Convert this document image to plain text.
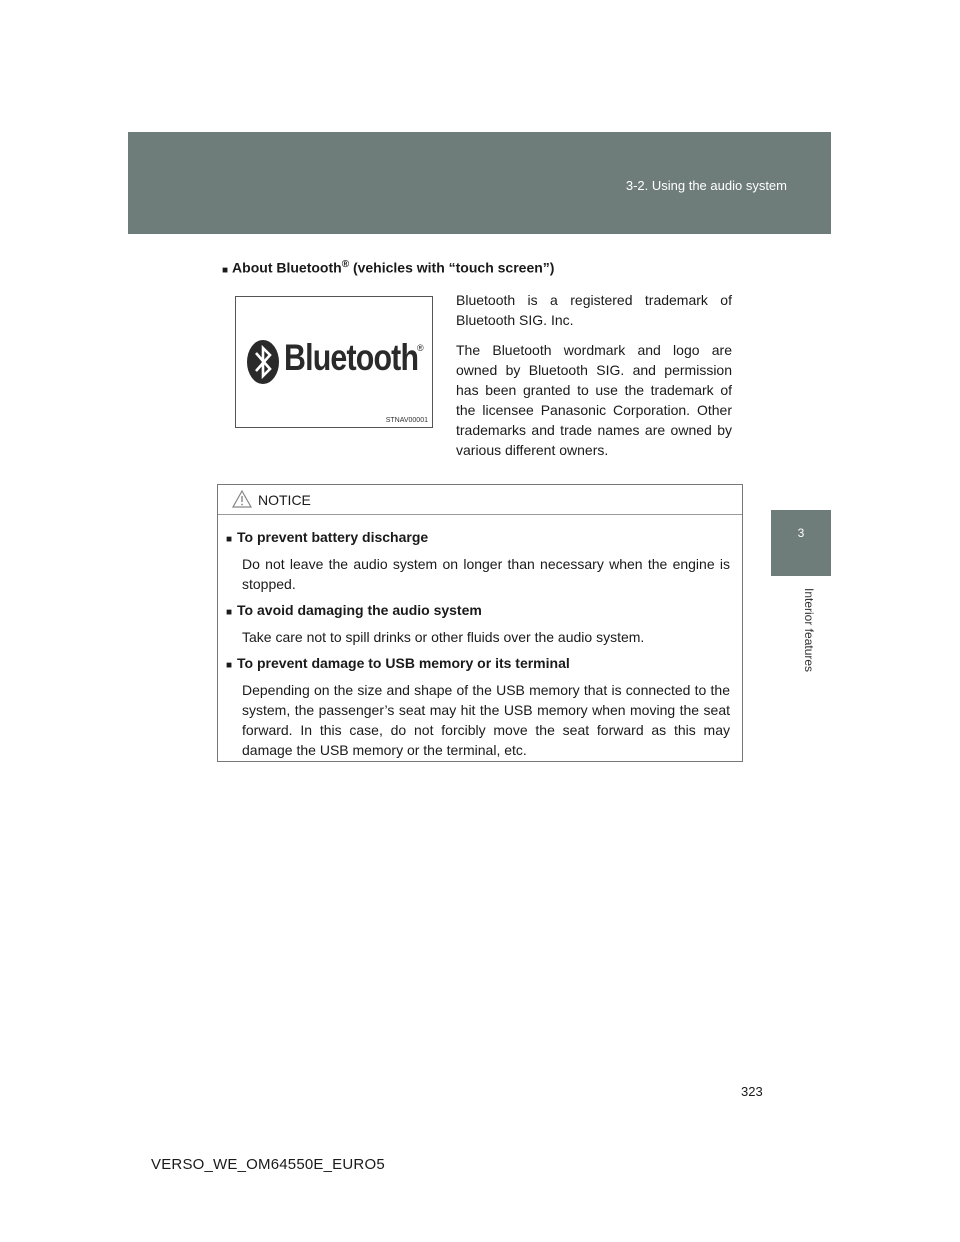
3-2. Using the audio system
3
Interior features
■ About Bluetooth® (vehicles with “touch screen”)
Bluetooth
®
STNAV00001

Bluetooth is a registered trademark of Bluetooth SIG. Inc.

The Bluetooth wordmark and logo are owned by Bluetooth SIG. and permission has been granted to use the trademark of the licensee Panasonic Corporation. Other trademarks and trade names are owned by various different owners.

NOTICE
■ To prevent battery discharge
Do not leave the audio system on longer than necessary when the engine is stopped.
■ To avoid damaging the audio system
Take care not to spill drinks or other fluids over the audio system.
■ To prevent damage to USB memory or its terminal
Depending on the size and shape of the USB memory that is connected to the system, the passenger’s seat may hit the USB memory when moving the seat forward. In this case, do not forcibly move the seat forward as this may damage the USB memory or the terminal, etc.
323
VERSO_WE_OM64550E_EURO5
